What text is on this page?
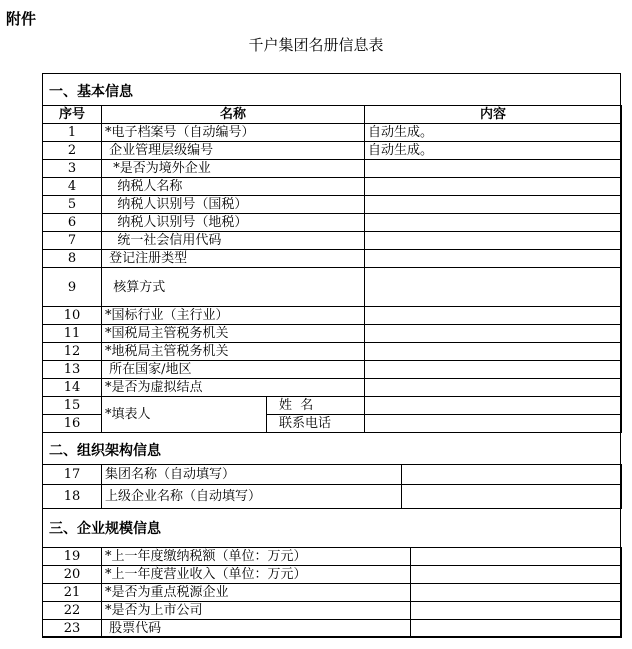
附件
千户集团名册信息表
一、基本信息
序号	名称		内容
1	*电子档案号（自动编号）		自动生成。
2	企业管理层级编号		自动生成。
3	*是否为境外企业		
4	纳税人名称		
5	纳税人识别号（国税）		
6	纳税人识别号（地税）		
7	统一社会信用代码		
8	登记注册类型		
9	核算方式		
10	*国标行业（主行业）		
11	*国税局主管税务机关		
12	*地税局主管税务机关		
13	所在国家/地区		
14	*是否为虚拟结点		
15	*填表人	姓  名	
16		联系电话	
二、组织架构信息
17	集团名称（自动填写）	
18	上级企业名称（自动填写）	
三、企业规模信息
19	*上一年度缴纳税额（单位：万元）	
20	*上一年度营业收入（单位：万元）	
21	*是否为重点税源企业	
22	*是否为上市公司	
23	股票代码	
